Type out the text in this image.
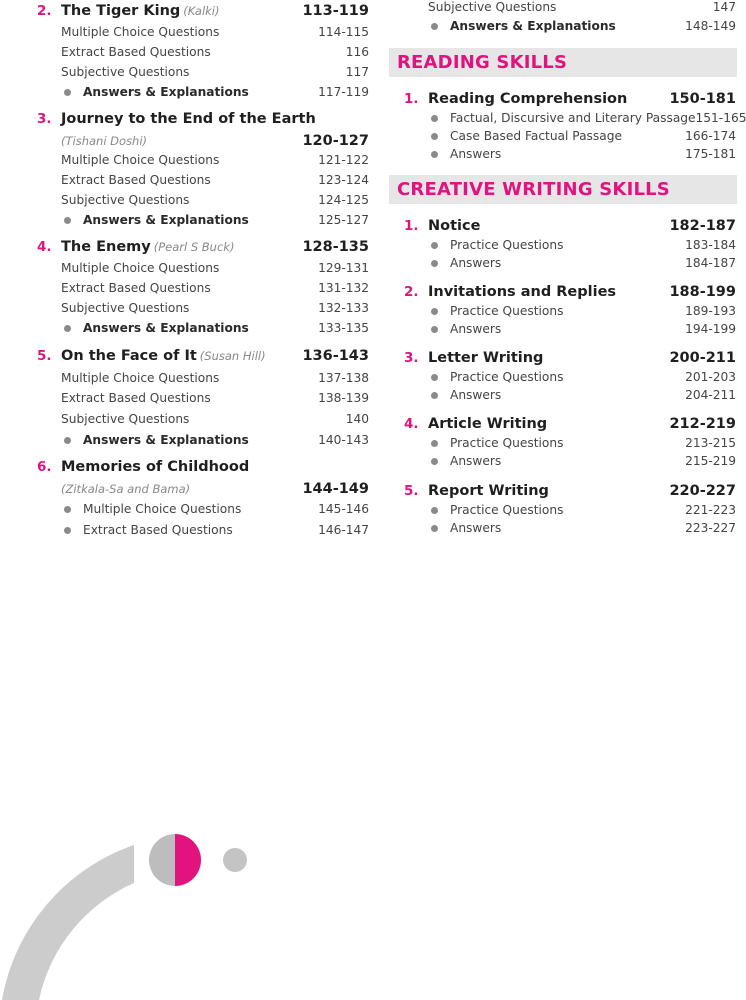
2. The Tiger King (Kalki)	113-119
Multiple Choice Questions	114-115
Extract Based Questions	116
Subjective Questions	117
Answers & Explanations	117-119
3. Journey to the End of the Earth
(Tishani Doshi)	120-127
Multiple Choice Questions	121-122
Extract Based Questions	123-124
Subjective Questions	124-125
Answers & Explanations	125-127
4. The Enemy (Pearl S Buck)	128-135
Multiple Choice Questions	129-131
Extract Based Questions	131-132
Subjective Questions	132-133
Answers & Explanations	133-135
5. On the Face of It (Susan Hill)	136-143
Multiple Choice Questions	137-138
Extract Based Questions	138-139
Subjective Questions	140
Answers & Explanations	140-143
6. Memories of Childhood
(Zitkala-Sa and Bama)	144-149
Multiple Choice Questions	145-146
Extract Based Questions	146-147
Subjective Questions	147
Answers & Explanations	148-149
READING SKILLS
1. Reading Comprehension	150-181
Factual, Discursive and Literary Passage 151-165
Case Based Factual Passage	166-174
Answers	175-181
CREATIVE WRITING SKILLS
1. Notice	182-187
Practice Questions	183-184
Answers	184-187
2. Invitations and Replies	188-199
Practice Questions	189-193
Answers	194-199
3. Letter Writing	200-211
Practice Questions	201-203
Answers	204-211
4. Article Writing	212-219
Practice Questions	213-215
Answers	215-219
5. Report Writing	220-227
Practice Questions	221-223
Answers	223-227
